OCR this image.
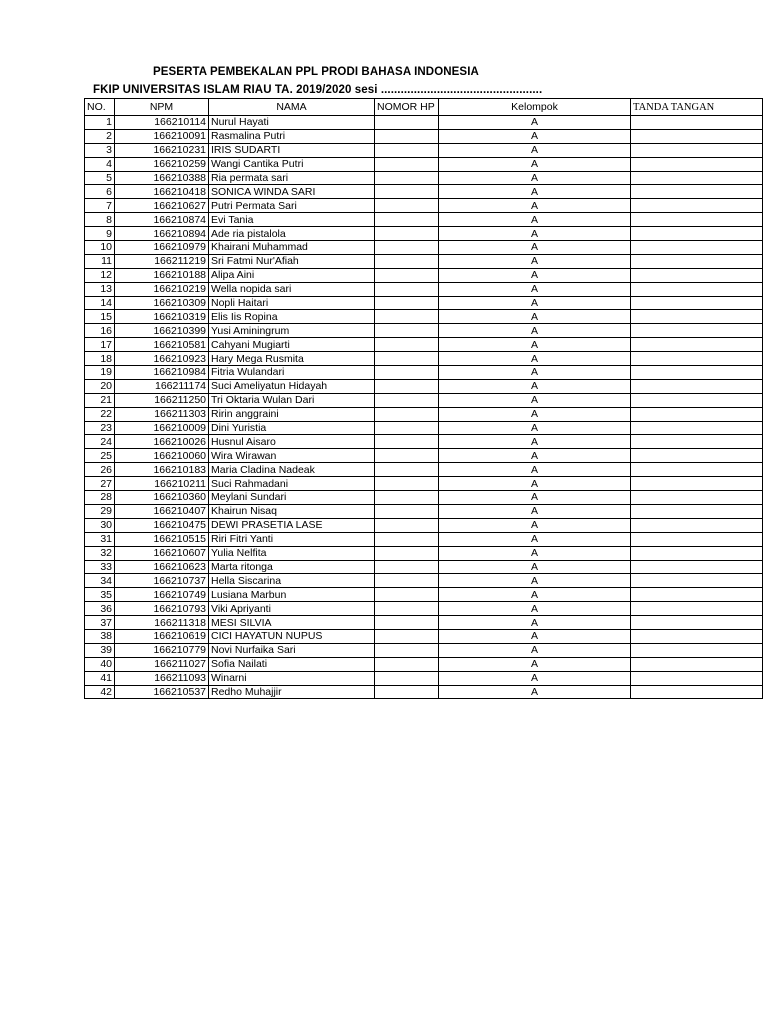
PESERTA PEMBEKALAN PPL PRODI BAHASA INDONESIA
FKIP UNIVERSITAS ISLAM RIAU TA. 2019/2020 sesi .................................................
NO.	NPM	NAMA	NOMOR HP	Kelompok	TANDA TANGAN
1	166210114	Nurul Hayati		A	
2	166210091	Rasmalina Putri		A	
3	166210231	IRIS SUDARTI		A	
4	166210259	Wangi Cantika Putri		A	
5	166210388	Ria permata sari		A	
6	166210418	SONICA WINDA SARI		A	
7	166210627	Putri Permata Sari		A	
8	166210874	Evi Tania		A	
9	166210894	Ade ria pistalola		A	
10	166210979	Khairani Muhammad		A	
11	166211219	Sri Fatmi Nur'Afiah		A	
12	166210188	Alipa Aini		A	
13	166210219	Wella nopida sari		A	
14	166210309	Nopli Haitari		A	
15	166210319	Elis Iis Ropina		A	
16	166210399	Yusi Aminingrum		A	
17	166210581	Cahyani Mugiarti		A	
18	166210923	Hary Mega Rusmita		A	
19	166210984	Fitria Wulandari		A	
20	166211174	Suci Ameliyatun Hidayah		A	
21	166211250	Tri Oktaria Wulan Dari		A	
22	166211303	Ririn anggraini		A	
23	166210009	Dini Yuristia		A	
24	166210026	Husnul Aisaro		A	
25	166210060	Wira Wirawan		A	
26	166210183	Maria Cladina Nadeak		A	
27	166210211	Suci Rahmadani		A	
28	166210360	Meylani Sundari		A	
29	166210407	Khairun Nisaq		A	
30	166210475	DEWI PRASETIA LASE		A	
31	166210515	Riri Fitri Yanti		A	
32	166210607	Yulia Nelfita		A	
33	166210623	Marta ritonga		A	
34	166210737	Hella Siscarina		A	
35	166210749	Lusiana Marbun		A	
36	166210793	Viki Apriyanti		A	
37	166211318	MESI SILVIA		A	
38	166210619	CICI HAYATUN NUPUS		A	
39	166210779	Novi Nurfaika Sari		A	
40	166211027	Sofia Nailati		A	
41	166211093	Winarni		A	
42	166210537	Redho Muhajjir		A	
